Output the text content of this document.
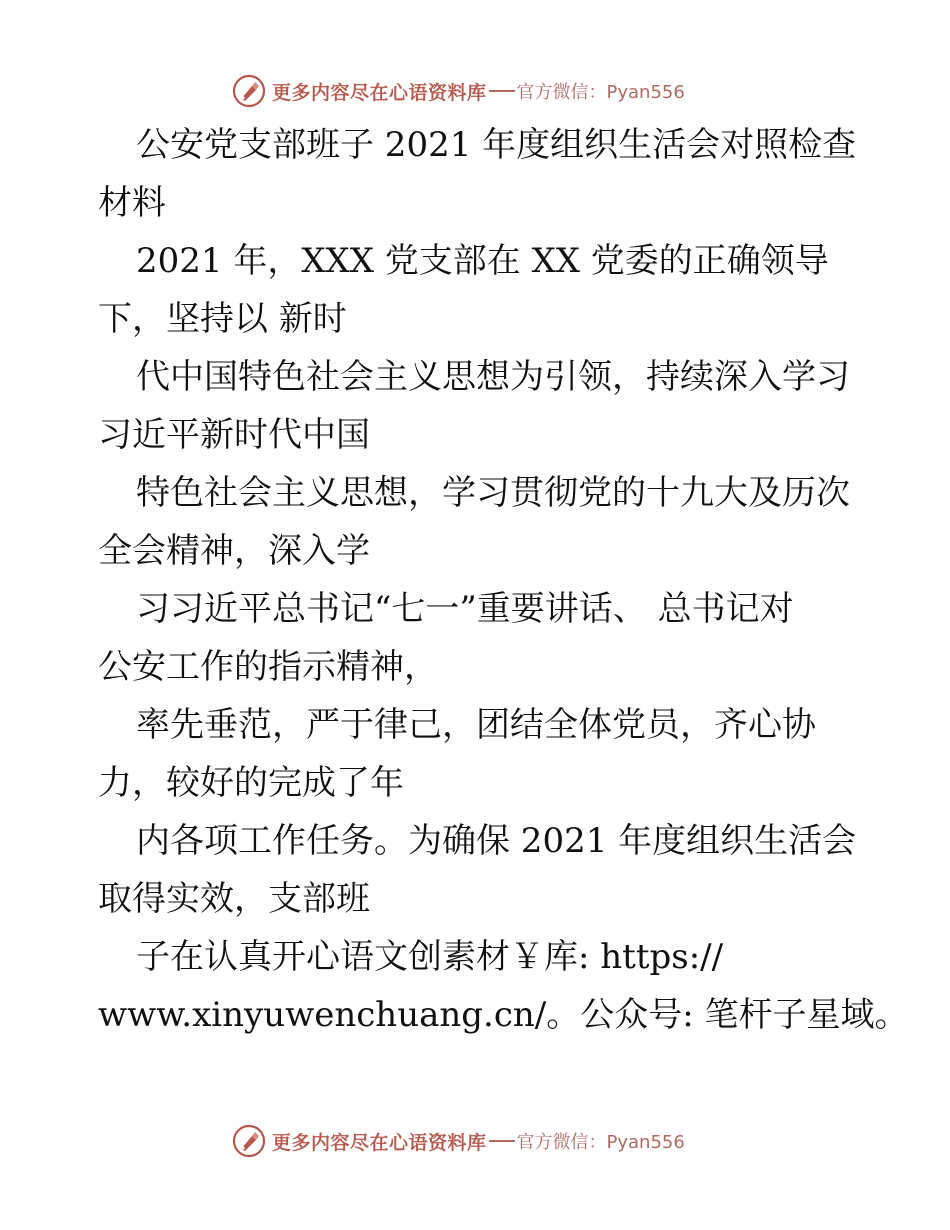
更多内容尽在心语资料库 官方微信：Pyan556
公安党支部班子 2021 年度组织生活会对照检查
材料
2021 年，XXX 党支部在 XX 党委的正确领导
下，坚持以 新时
代中国特色社会主义思想为引领，持续深入学习
习近平新时代中国
特色社会主义思想，学习贯彻党的十九大及历次
全会精神，深入学
习习近平总书记“七一”重要讲话、 总书记对
公安工作的指示精神，
率先垂范，严于律己，团结全体党员，齐心协
力，较好的完成了年
内各项工作任务。为确保 2021 年度组织生活会
取得实效，支部班
子在认真开心语文创素材￥库: https://
www.xinyuwenchuang.cn/。公众号: 笔杆子星域。
更多内容尽在心语资料库 官方微信：Pyan556
